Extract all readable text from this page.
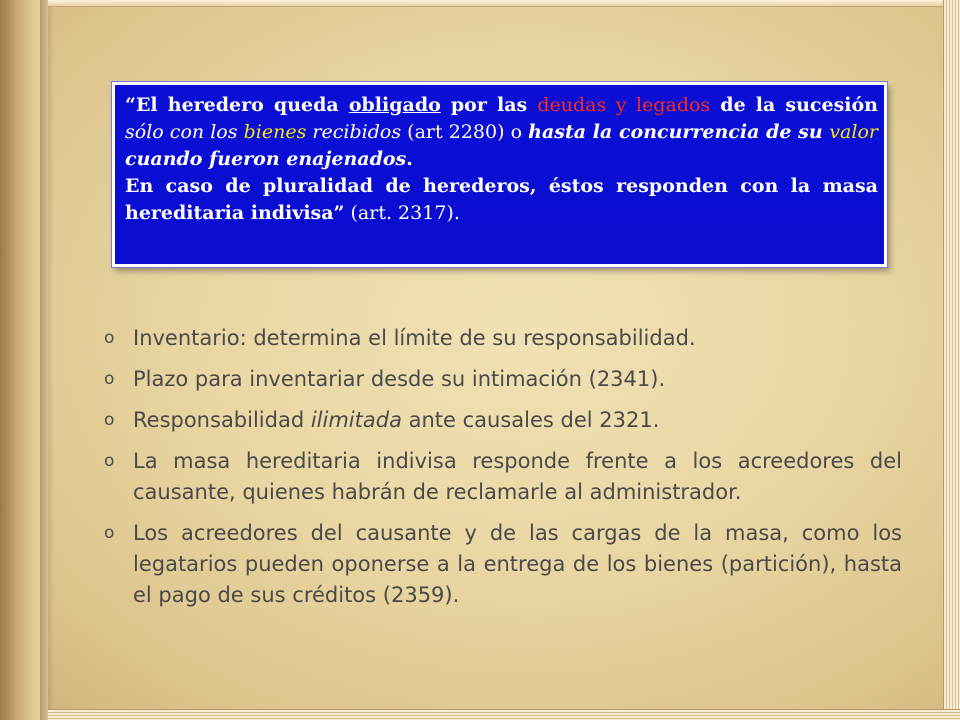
“El heredero queda obligado por las deudas y legados de la sucesión sólo con los bienes recibidos (art 2280) o hasta la concurrencia de su valor cuando fueron enajenados.

En caso de pluralidad de herederos, éstos responden con la masa hereditaria indivisa” (art. 2317).

o Inventario: determina el límite de su responsabilidad.
o Plazo para inventariar desde su intimación (2341).
o Responsabilidad ilimitada ante causales del 2321.
o La masa hereditaria indivisa responde frente a los acreedores del causante, quienes habrán de reclamarle al administrador.
o Los acreedores del causante y de las cargas de la masa, como los legatarios pueden oponerse a la entrega de los bienes (partición), hasta el pago de sus créditos (2359).
